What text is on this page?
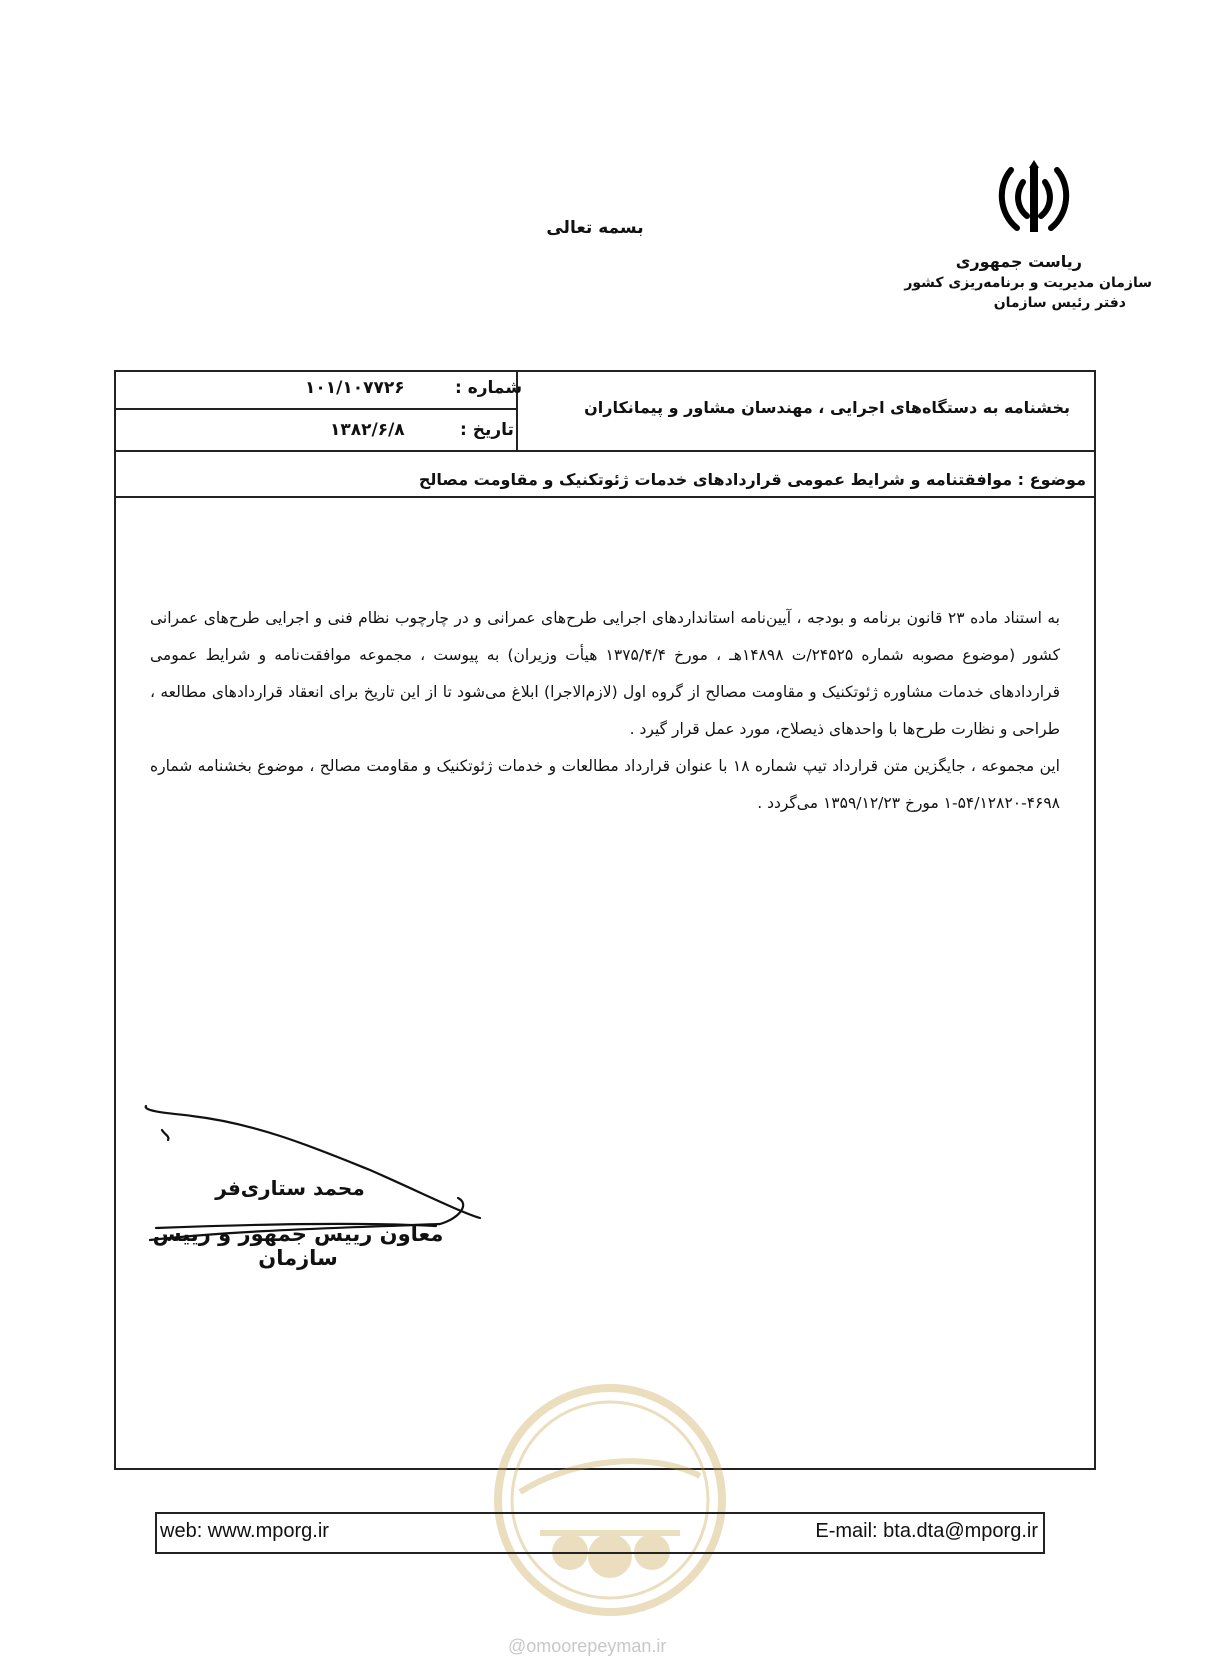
بسمه تعالی
ریاست جمهوری
سازمان مدیریت و برنامه‌ریزی کشور
دفتر رئیس سازمان
شماره :
۱۰۱/۱۰۷۷۲۶
تاریخ :
۱۳۸۲/۶/۸
بخشنامه به دستگاه‌های اجرایی ، مهندسان مشاور و پیمانکاران
موضوع : موافقتنامه و شرایط عمومی قراردادهای خدمات ژئوتکنیک و مقاومت مصالح

به استناد ماده ۲۳ قانون برنامه و بودجه ، آیین‌نامه استانداردهای اجرایی طرح‌های عمرانی و در چارچوب نظام فنی و اجرایی طرح‌های عمرانی کشور (موضوع مصوبه شماره ۲۴۵۲۵/ت ۱۴۸۹۸هـ ، مورخ ۱۳۷۵/۴/۴ هیأت وزیران) به پیوست ، مجموعه موافقت‌نامه و شرایط عمومی قراردادهای خدمات مشاوره ژئوتکنیک و مقاومت مصالح از گروه اول (لازم‌الاجرا) ابلاغ می‌شود تا از این تاریخ برای انعقاد قراردادهای مطالعه ، طراحی و نظارت طرح‌ها با واحدهای ذیصلاح، مورد عمل قرار گیرد .

این مجموعه ، جایگزین متن قرارداد تیپ شماره ۱۸ با عنوان قرارداد مطالعات و خدمات ژئوتکنیک و مقاومت مصالح ، موضوع بخشنامه شماره ۴۶۹۸-۵۴/۱۲۸۲۰-۱ مورخ ۱۳۵۹/۱۲/۲۳ می‌گردد .

محمد ستاری‌فر
معاون رییس جمهور و رییس سازمان
web: www.mporg.ir	E-mail: bta.dta@mporg.ir
@omoorepeyman.ir
